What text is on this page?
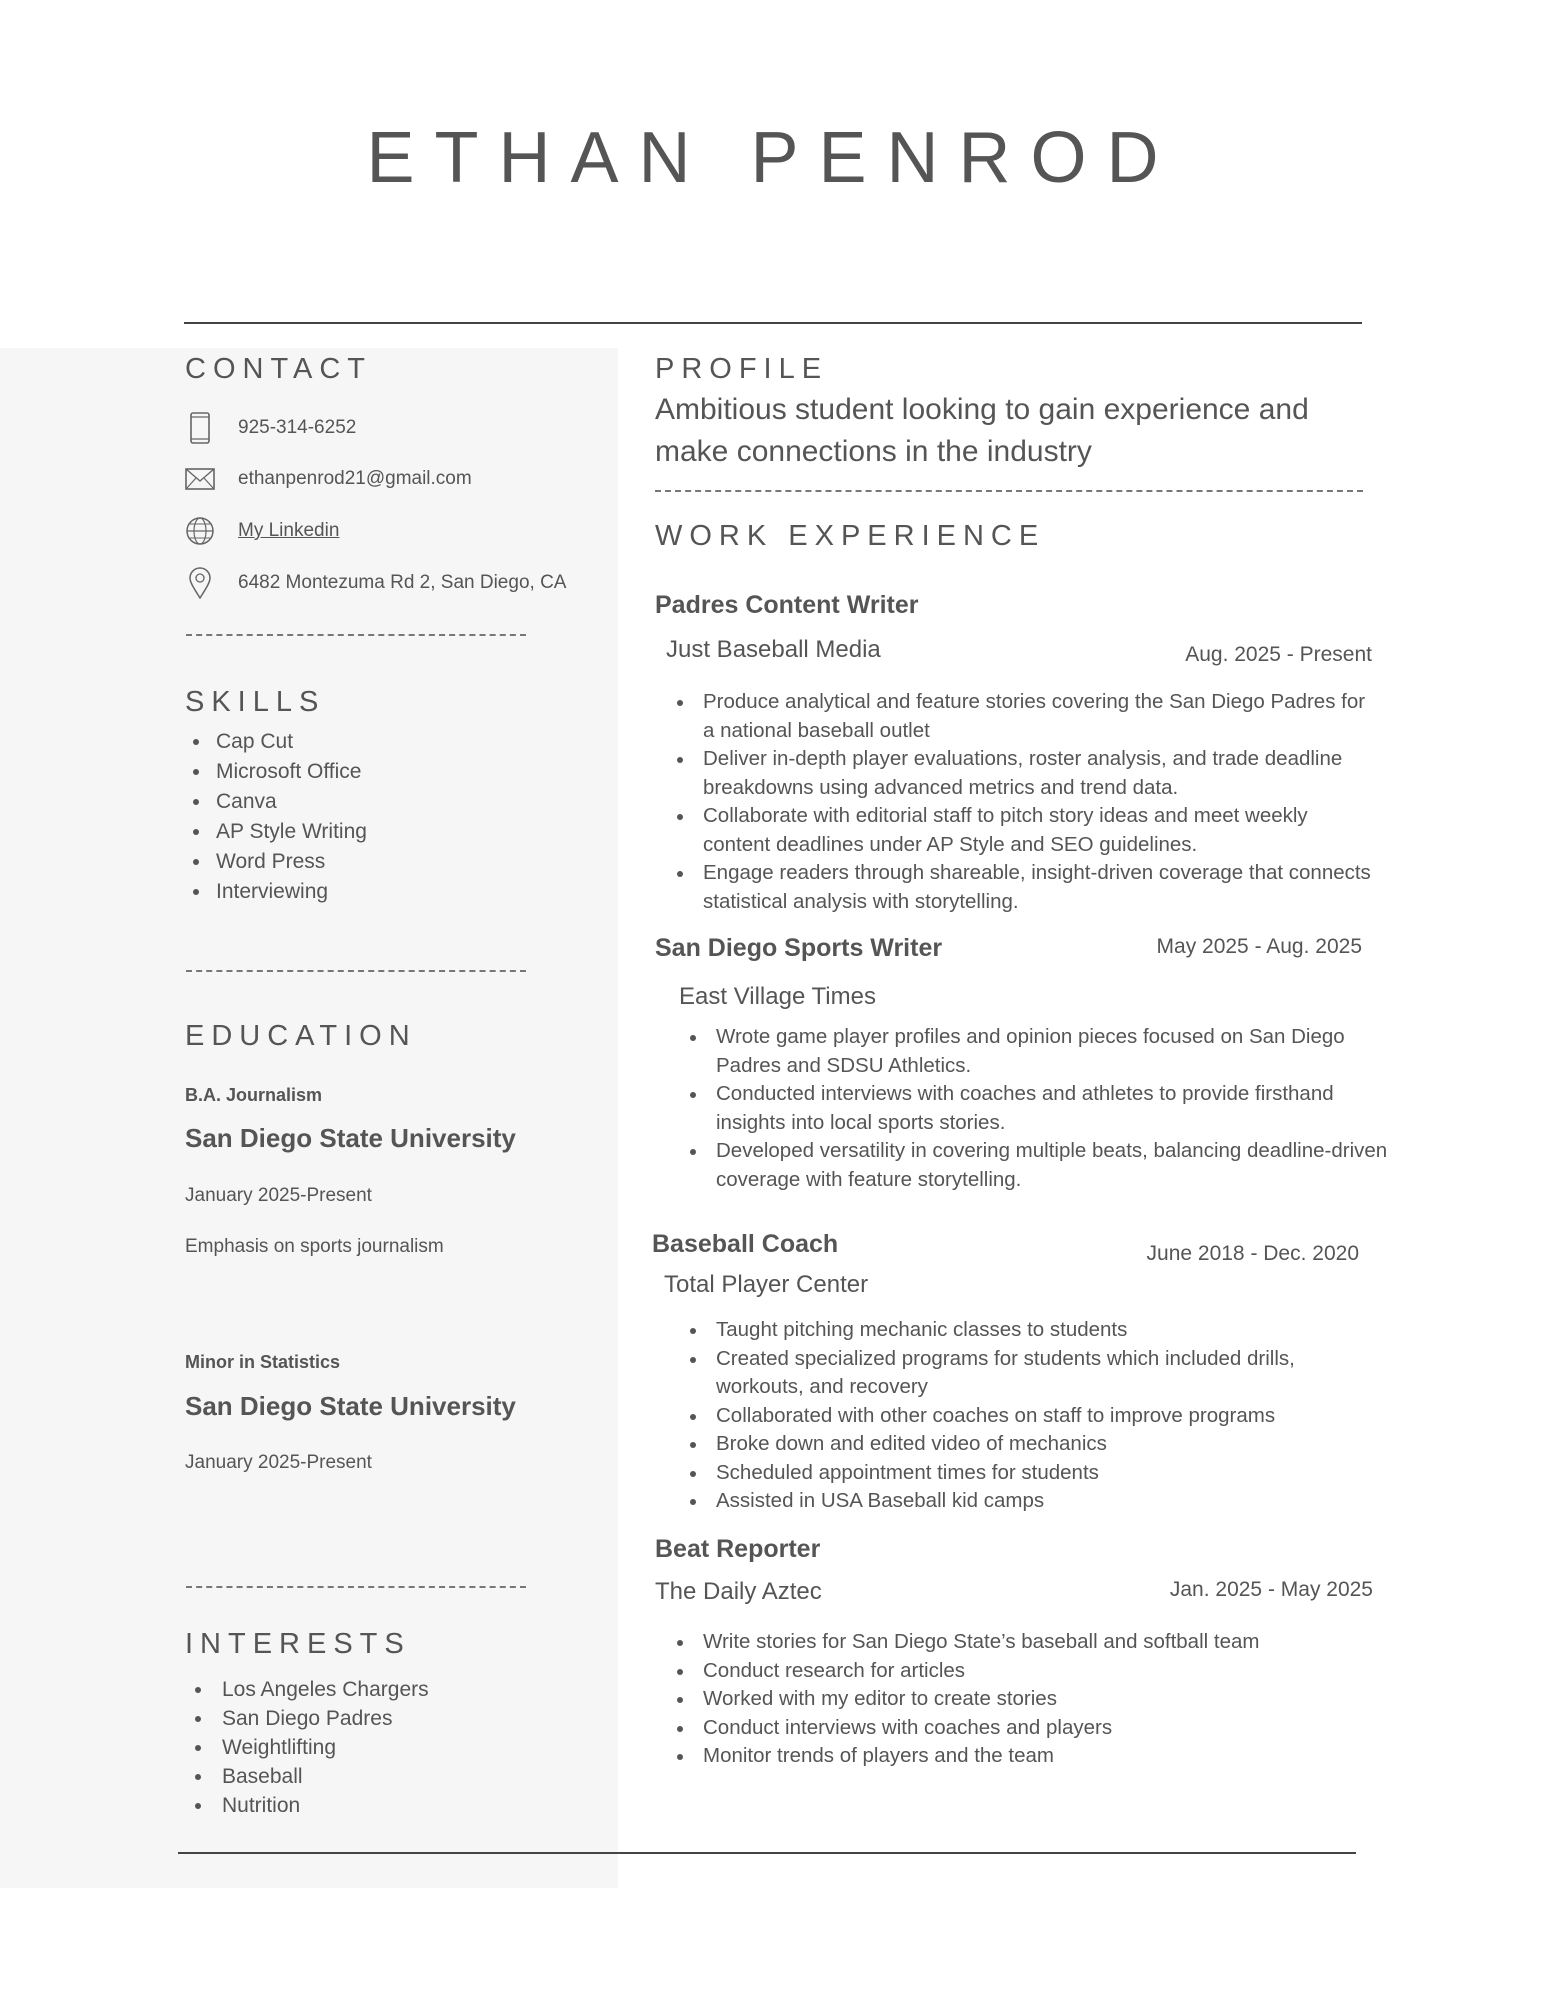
ETHAN PENROD
CONTACT
925-314-6252
ethanpenrod21@gmail.com
My Linkedin
6482 Montezuma Rd 2, San Diego, CA
SKILLS
Cap Cut
Microsoft Office
Canva
AP Style Writing
Word Press
Interviewing
EDUCATION
B.A. Journalism
San Diego State University
January 2025-Present
Emphasis on sports journalism
Minor in Statistics
San Diego State University
January 2025-Present
INTERESTS
Los Angeles Chargers
San Diego Padres
Weightlifting
Baseball
Nutrition
PROFILE
Ambitious student looking to gain experience and make connections in the industry
WORK EXPERIENCE
Padres Content Writer
Just Baseball Media	Aug. 2025 - Present
Produce analytical and feature stories covering the San Diego Padres for a national baseball outlet
Deliver in-depth player evaluations, roster analysis, and trade deadline breakdowns using advanced metrics and trend data.
Collaborate with editorial staff to pitch story ideas and meet weekly content deadlines under AP Style and SEO guidelines.
Engage readers through shareable, insight-driven coverage that connects statistical analysis with storytelling.
San Diego Sports Writer	May 2025 - Aug. 2025
East Village Times
Wrote game player profiles and opinion pieces focused on San Diego Padres and SDSU Athletics.
Conducted interviews with coaches and athletes to provide firsthand insights into local sports stories.
Developed versatility in covering multiple beats, balancing deadline-driven coverage with feature storytelling.
Baseball Coach	June 2018 - Dec. 2020
Total Player Center
Taught pitching mechanic classes to students
Created specialized programs for students which included drills, workouts, and recovery
Collaborated with other coaches on staff to improve programs
Broke down and edited video of mechanics
Scheduled appointment times for students
Assisted in USA Baseball kid camps
Beat Reporter
The Daily Aztec	Jan. 2025 - May 2025
Write stories for San Diego State’s baseball and softball team
Conduct research for articles
Worked with my editor to create stories
Conduct interviews with coaches and players
Monitor trends of players and the team
